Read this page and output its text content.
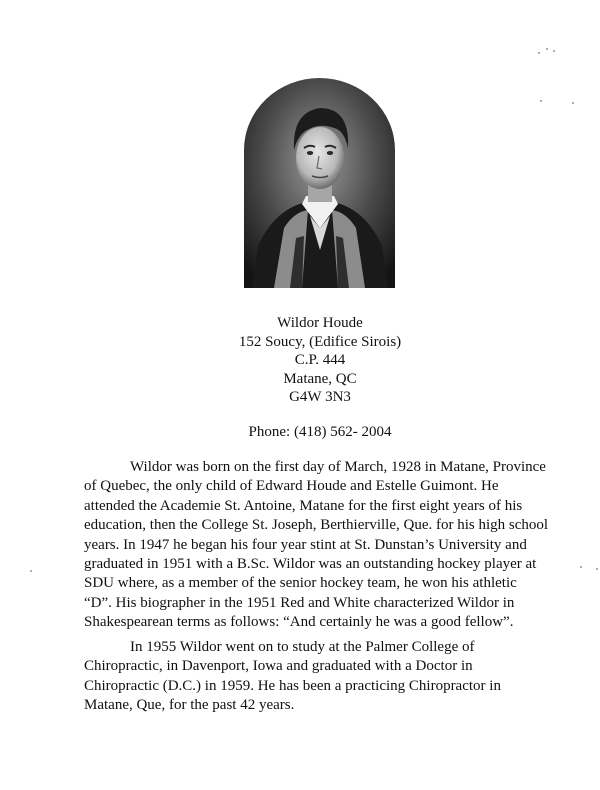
Wildor Houde
152 Soucy, (Edifice Sirois)
C.P. 444
Matane, QC
G4W 3N3
Phone: (418) 562- 2004
Wildor was born on the first day of March, 1928 in Matane, Province
of Quebec, the only child of Edward Houde and Estelle Guimont. He
attended the Academie St. Antoine, Matane for the first eight years of his
education, then the College St. Joseph, Berthierville, Que. for his high school
years. In 1947 he began his four year stint at St. Dunstan’s University and
graduated in 1951 with a B.Sc. Wildor was an outstanding hockey player at
SDU where, as a member of the senior hockey team, he won his athletic
“D”. His biographer in the 1951 Red and White characterized Wildor in
Shakespearean terms as follows: “And certainly he was a good fellow”.
In 1955 Wildor went on to study at the Palmer College of
Chiropractic, in Davenport, Iowa and graduated with a Doctor in
Chiropractic (D.C.) in 1959. He has been a practicing Chiropractor in
Matane, Que, for the past 42 years.
